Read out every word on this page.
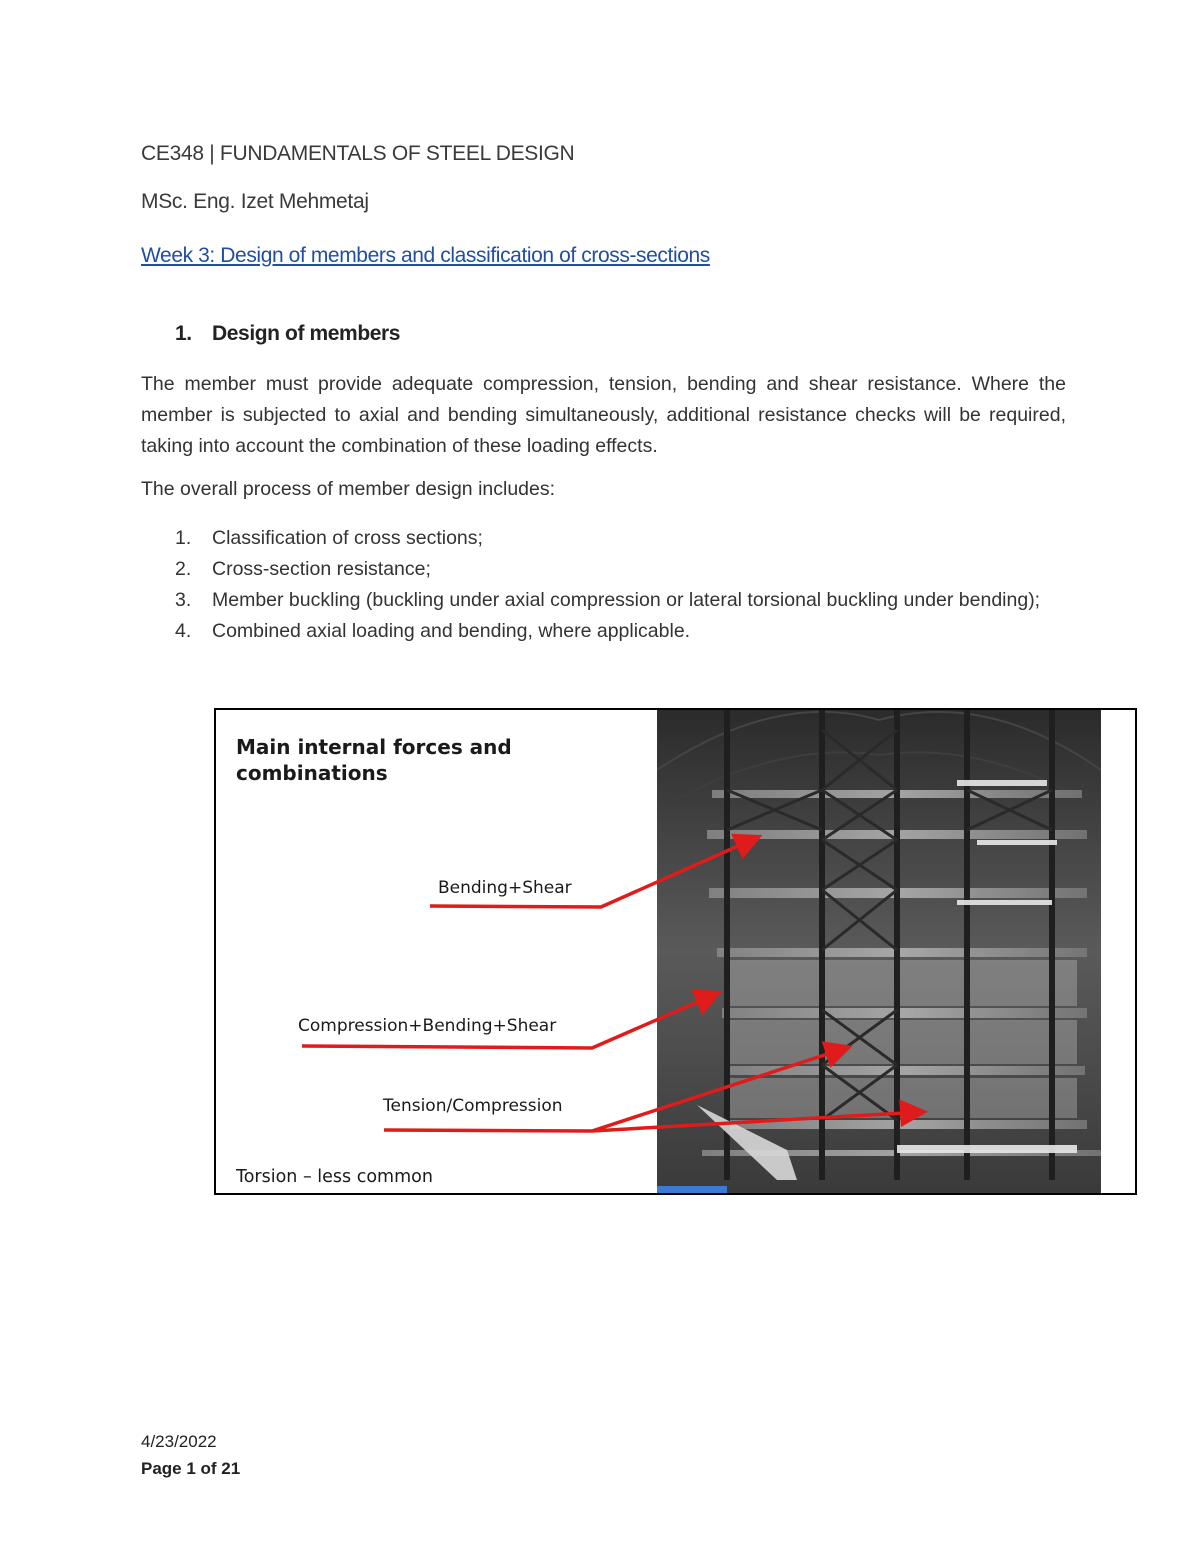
CE348 | FUNDAMENTALS OF STEEL DESIGN
MSc. Eng. Izet Mehmetaj
Week 3: Design of members and classification of cross-sections
1. Design of members
The member must provide adequate compression, tension, bending and shear resistance. Where the member is subjected to axial and bending simultaneously, additional resistance checks will be required, taking into account the combination of these loading effects.
The overall process of member design includes:
1. Classification of cross sections;
2. Cross-section resistance;
3. Member buckling (buckling under axial compression or lateral torsional buckling under bending);
4. Combined axial loading and bending, where applicable.
Main internal forces and
combinations
Bending+Shear
Compression+Bending+Shear
Tension/Compression
Torsion – less common
4/23/2022
Page 1 of 21
